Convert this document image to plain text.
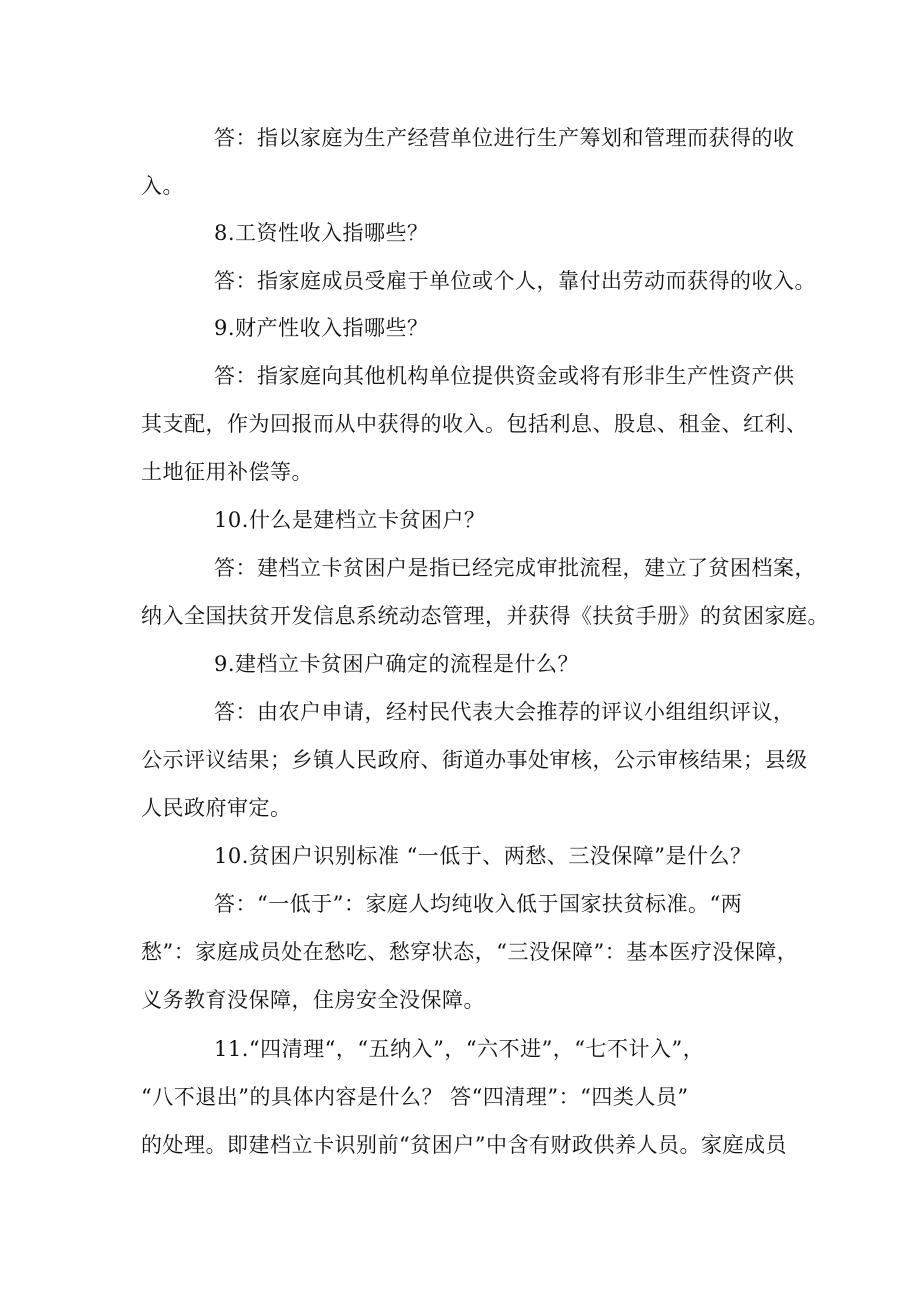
答：指以家庭为生产经营单位进行生产筹划和管理而获得的收
入。
8.工资性收入指哪些？
答：指家庭成员受雇于单位或个人，靠付出劳动而获得的收入。
9.财产性收入指哪些？
答：指家庭向其他机构单位提供资金或将有形非生产性资产供
其支配，作为回报而从中获得的收入。包括利息、股息、租金、红利、
土地征用补偿等。
10.什么是建档立卡贫困户？
答：建档立卡贫困户是指已经完成审批流程，建立了贫困档案，
纳入全国扶贫开发信息系统动态管理，并获得《扶贫手册》的贫困家庭。
9.建档立卡贫困户确定的流程是什么？
答：由农户申请，经村民代表大会推荐的评议小组组织评议，
公示评议结果；乡镇人民政府、街道办事处审核，公示审核结果；县级
人民政府审定。
10.贫困户识别标准 “一低于、两愁、三没保障”是什么？
答：“一低于”：家庭人均纯收入低于国家扶贫标准。“两
愁”：家庭成员处在愁吃、愁穿状态，“三没保障”：基本医疗没保障，
义务教育没保障，住房安全没保障。
11.“四清理“，“五纳入”，“六不进”，“七不计入”，
“八不退出”的具体内容是什么？ 答“四清理”：“四类人员”
的处理。即建档立卡识别前“贫困户”中含有财政供养人员。家庭成员
